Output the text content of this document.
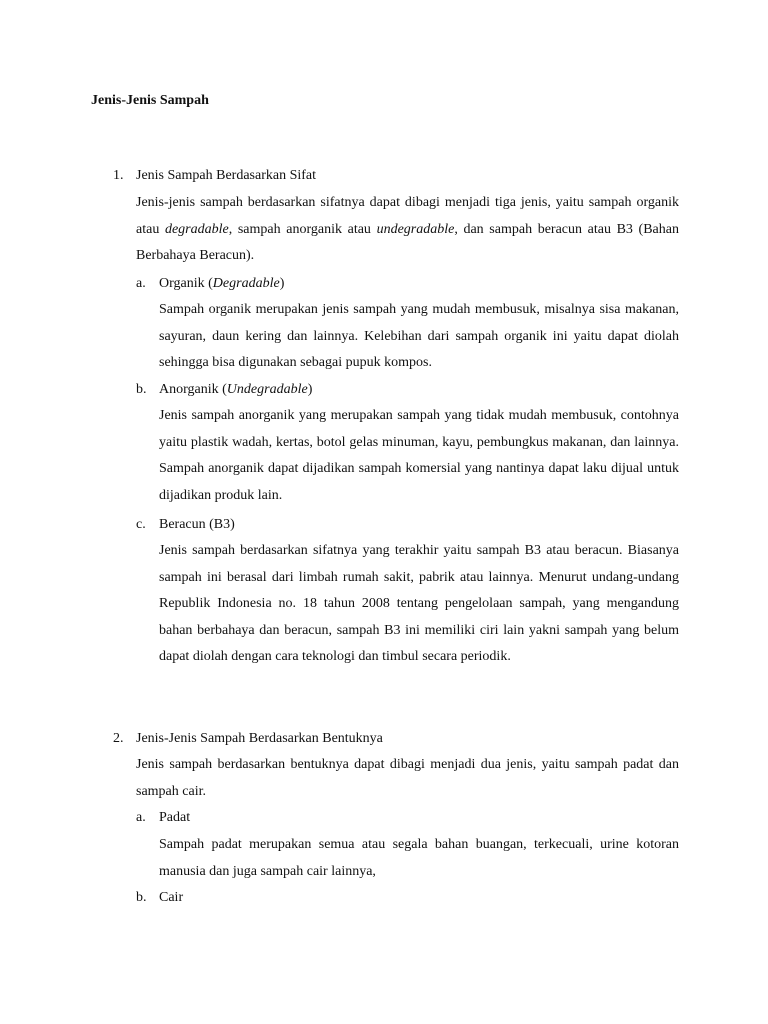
Jenis-Jenis Sampah
1. Jenis Sampah Berdasarkan Sifat
Jenis-jenis sampah berdasarkan sifatnya dapat dibagi menjadi tiga jenis, yaitu sampah organik atau degradable, sampah anorganik atau undegradable, dan sampah beracun atau B3 (Bahan Berbahaya Beracun).
a. Organik (Degradable)
Sampah organik merupakan jenis sampah yang mudah membusuk, misalnya sisa makanan, sayuran, daun kering dan lainnya. Kelebihan dari sampah organik ini yaitu dapat diolah sehingga bisa digunakan sebagai pupuk kompos.
b. Anorganik (Undegradable)
Jenis sampah anorganik yang merupakan sampah yang tidak mudah membusuk, contohnya yaitu plastik wadah, kertas, botol gelas minuman, kayu, pembungkus makanan, dan lainnya. Sampah anorganik dapat dijadikan sampah komersial yang nantinya dapat laku dijual untuk dijadikan produk lain.
c. Beracun (B3)
Jenis sampah berdasarkan sifatnya yang terakhir yaitu sampah B3 atau beracun. Biasanya sampah ini berasal dari limbah rumah sakit, pabrik atau lainnya. Menurut undang-undang Republik Indonesia no. 18 tahun 2008 tentang pengelolaan sampah, yang mengandung bahan berbahaya dan beracun, sampah B3 ini memiliki ciri lain yakni sampah yang belum dapat diolah dengan cara teknologi dan timbul secara periodik.
2. Jenis-Jenis Sampah Berdasarkan Bentuknya
Jenis sampah berdasarkan bentuknya dapat dibagi menjadi dua jenis, yaitu sampah padat dan sampah cair.
a. Padat
Sampah padat merupakan semua atau segala bahan buangan, terkecuali, urine kotoran manusia dan juga sampah cair lainnya,
b. Cair
